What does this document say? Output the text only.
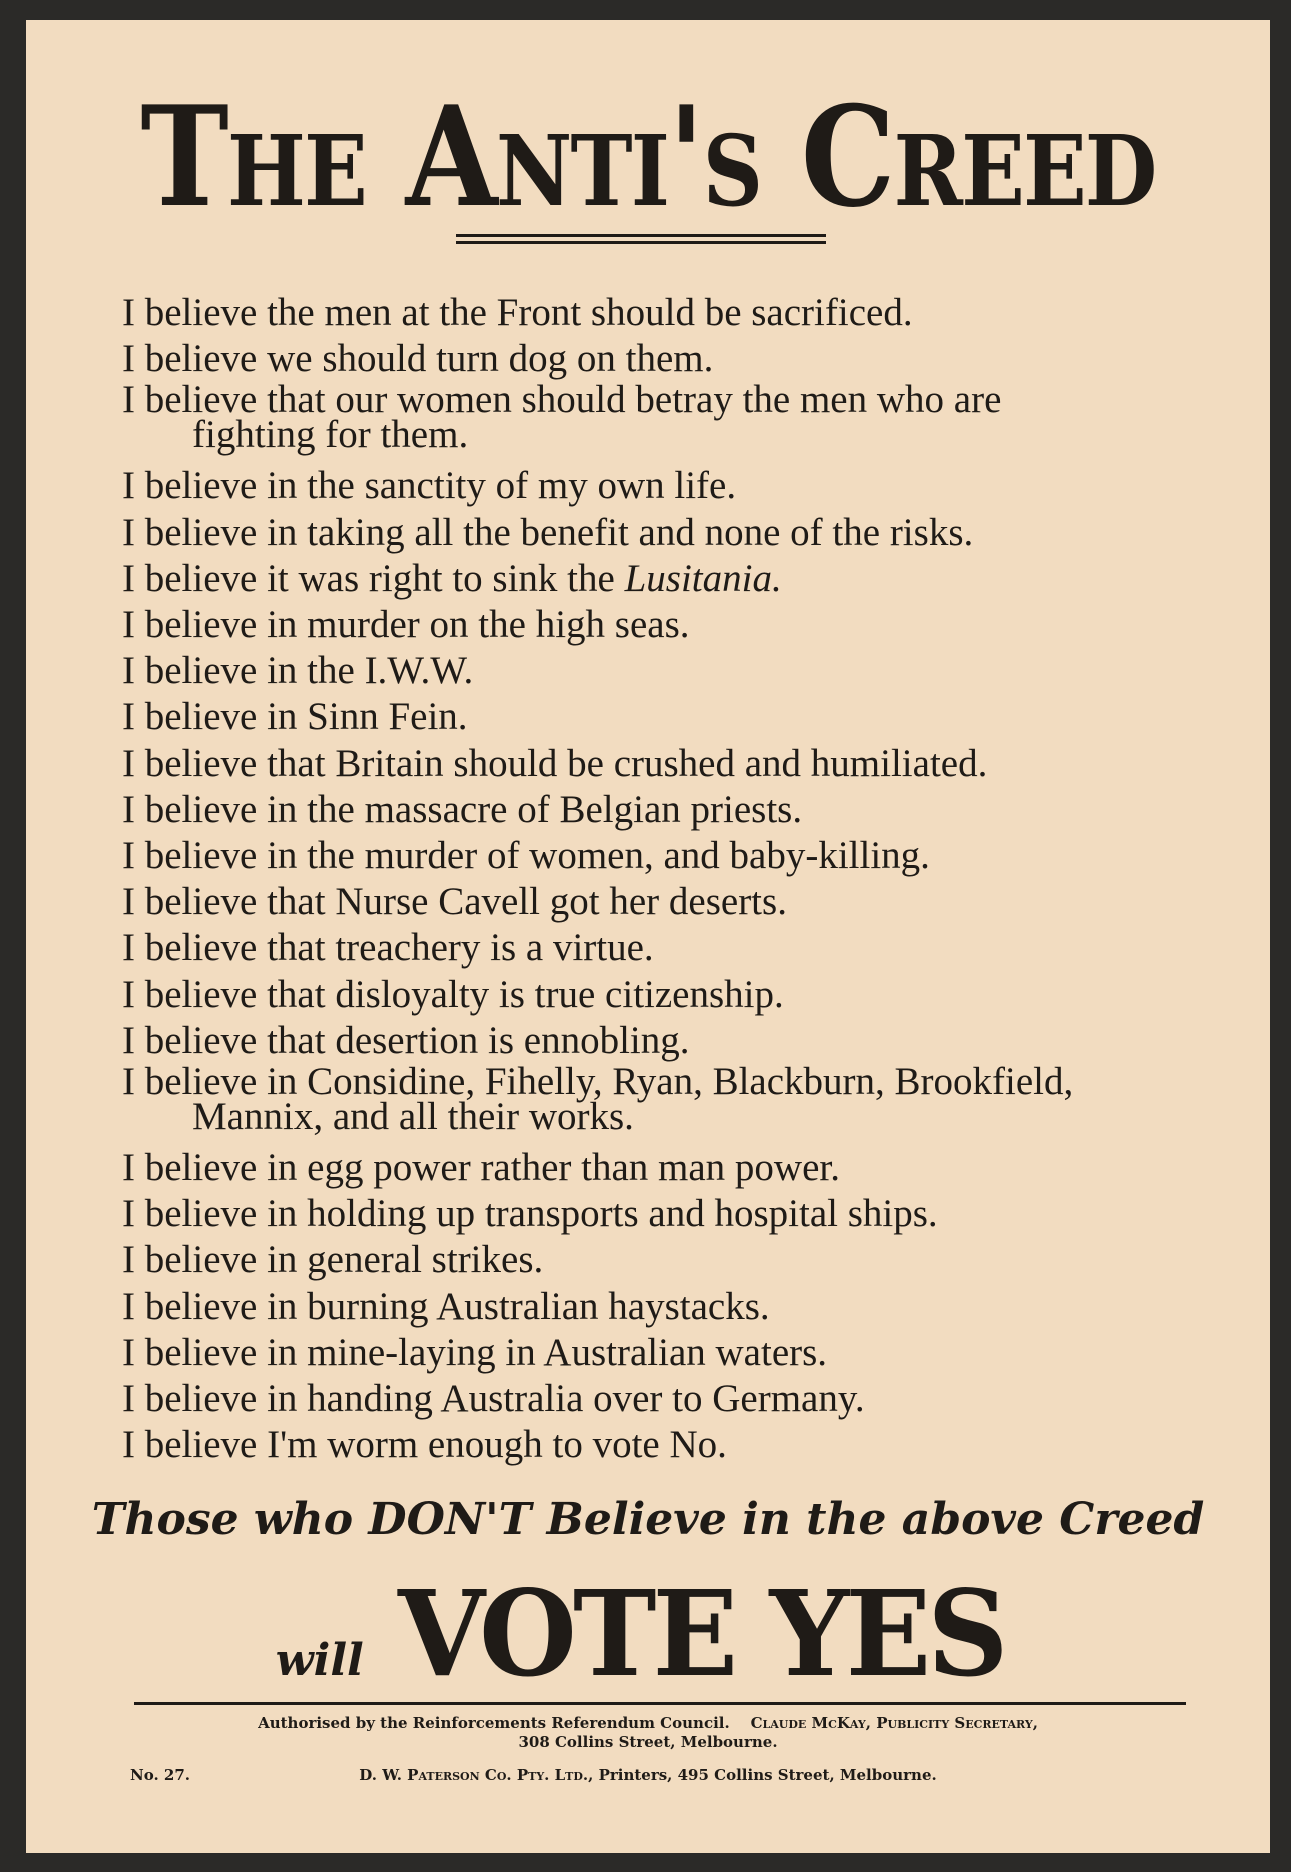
The Anti's Creed
I believe the men at the Front should be sacrificed.
I believe we should turn dog on them.
I believe that our women should betray the men who are
fighting for them.
I believe in the sanctity of my own life.
I believe in taking all the benefit and none of the risks.
I believe it was right to sink the Lusitania.
I believe in murder on the high seas.
I believe in the I.W.W.
I believe in Sinn Fein.
I believe that Britain should be crushed and humiliated.
I believe in the massacre of Belgian priests.
I believe in the murder of women, and baby-killing.
I believe that Nurse Cavell got her deserts.
I believe that treachery is a virtue.
I believe that disloyalty is true citizenship.
I believe that desertion is ennobling.
I believe in Considine, Fihelly, Ryan, Blackburn, Brookfield,
Mannix, and all their works.
I believe in egg power rather than man power.
I believe in holding up transports and hospital ships.
I believe in general strikes.
I believe in burning Australian haystacks.
I believe in mine-laying in Australian waters.
I believe in handing Australia over to Germany.
I believe I'm worm enough to vote No.
Those who DON'T Believe in the above Creed
will VOTE YES
Authorised by the Reinforcements Referendum Council. Claude McKay, Publicity Secretary,
308 Collins Street, Melbourne.
No. 27.	D. W. Paterson Co. Pty. Ltd., Printers, 495 Collins Street, Melbourne.
